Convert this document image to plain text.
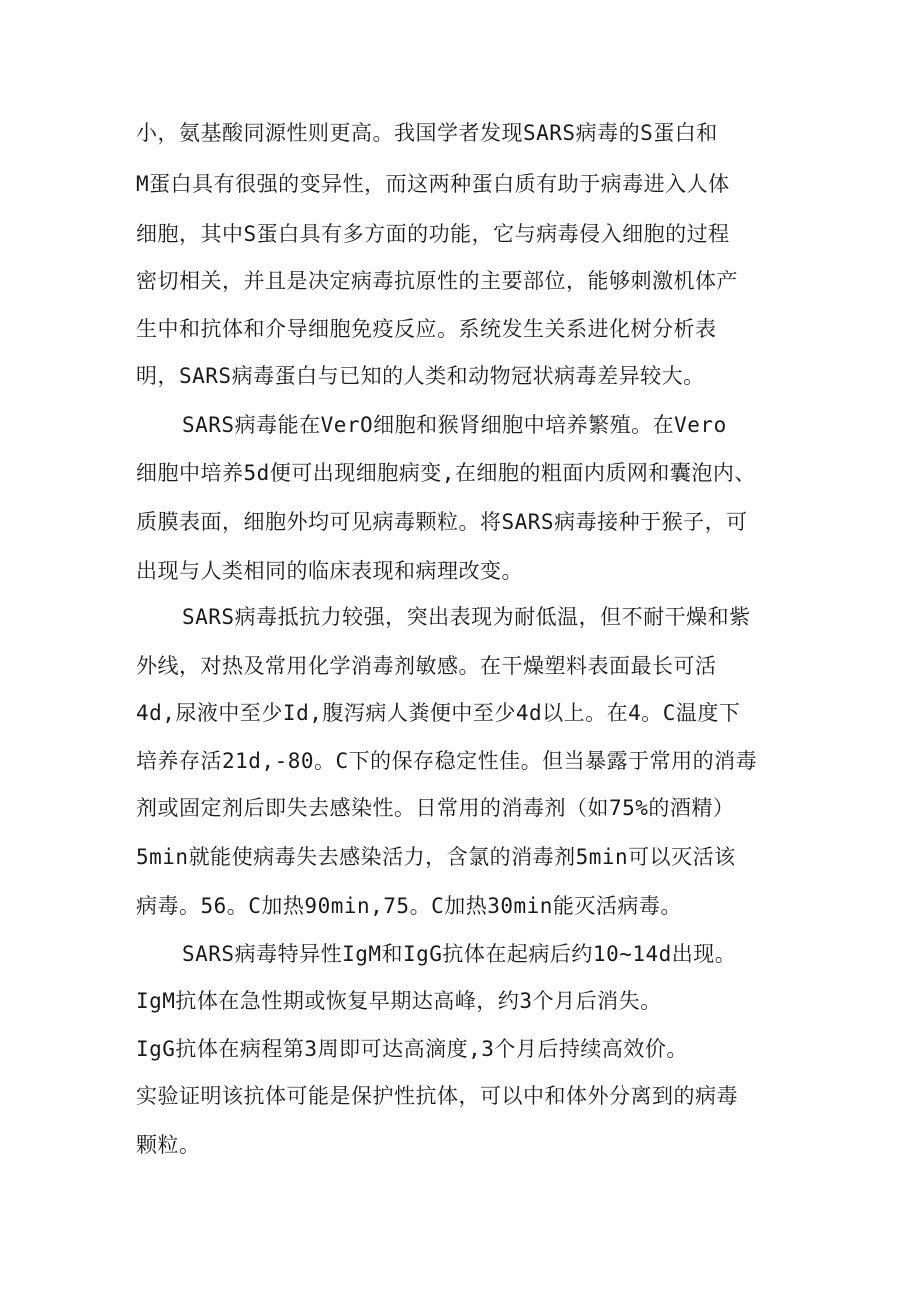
小，氨基酸同源性则更高。我国学者发现SARS病毒的S蛋白和
M蛋白具有很强的变异性，而这两种蛋白质有助于病毒进入人体
细胞，其中S蛋白具有多方面的功能，它与病毒侵入细胞的过程
密切相关，并且是决定病毒抗原性的主要部位，能够刺激机体产
生中和抗体和介导细胞免疫反应。系统发生关系进化树分析表
明，SARS病毒蛋白与已知的人类和动物冠状病毒差异较大。
SARS病毒能在VerO细胞和猴肾细胞中培养繁殖。在Vero
细胞中培养5d便可出现细胞病变,在细胞的粗面内质网和囊泡内、
质膜表面，细胞外均可见病毒颗粒。将SARS病毒接种于猴子，可
出现与人类相同的临床表现和病理改变。
SARS病毒抵抗力较强，突出表现为耐低温，但不耐干燥和紫
外线，对热及常用化学消毒剂敏感。在干燥塑料表面最长可活
4d,尿液中至少Id,腹泻病人粪便中至少4d以上。在4。C温度下
培养存活21d,-80。C下的保存稳定性佳。但当暴露于常用的消毒
剂或固定剂后即失去感染性。日常用的消毒剂（如75%的酒精）
5min就能使病毒失去感染活力，含氯的消毒剂5min可以灭活该
病毒。56。C加热90min,75。C加热30min能灭活病毒。
SARS病毒特异性IgM和IgG抗体在起病后约10~14d出现。
IgM抗体在急性期或恢复早期达高峰，约3个月后消失。
IgG抗体在病程第3周即可达高滴度,3个月后持续高效价。
实验证明该抗体可能是保护性抗体，可以中和体外分离到的病毒
颗粒。
